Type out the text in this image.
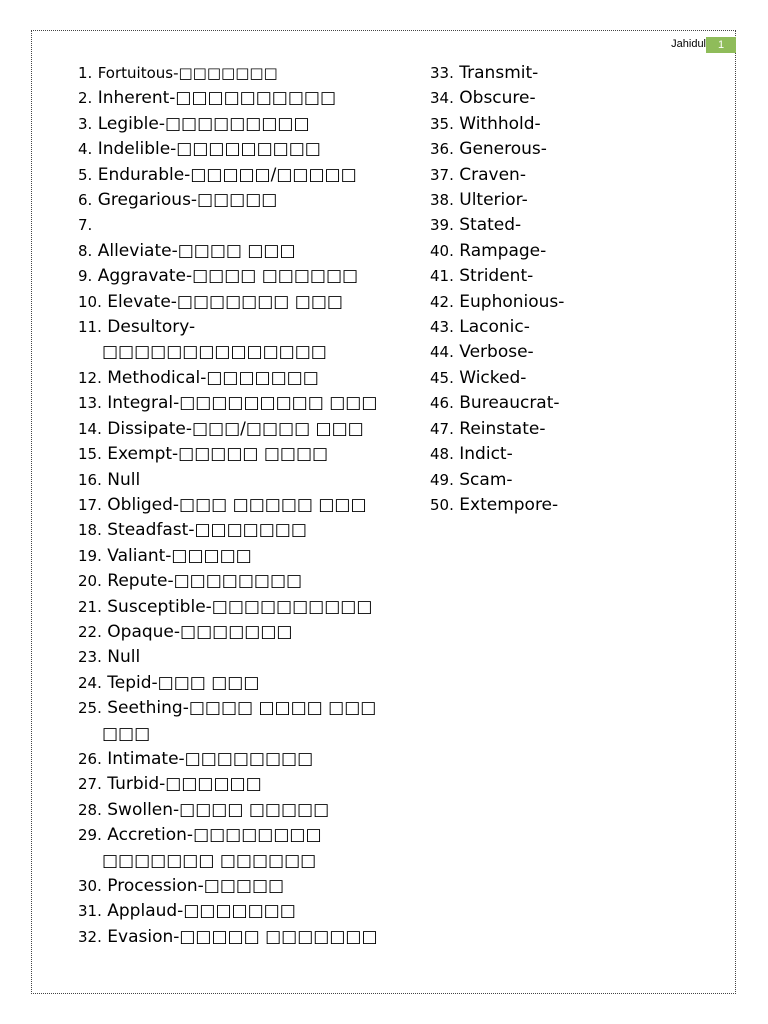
Jahidul	1
1. Fortuitous-□□□□□□□
2. Inherent-□□□□□□□□□□
3. Legible-□□□□□□□□□
4. Indelible-□□□□□□□□□
5. Endurable-□□□□□/□□□□□
6. Gregarious-□□□□□
7.
8. Alleviate-□□□□ □□□
9. Aggravate-□□□□ □□□□□□
10. Elevate-□□□□□□□ □□□
11. Desultory- □□□□□□□□□□□□□□
12. Methodical-□□□□□□□
13. Integral-□□□□□□□□□ □□□
14. Dissipate-□□□/□□□□ □□□
15. Exempt-□□□□□ □□□□
16. Null
17. Obliged-□□□ □□□□□ □□□
18. Steadfast-□□□□□□□
19. Valiant-□□□□□
20. Repute-□□□□□□□□
21. Susceptible-□□□□□□□□□□
22. Opaque-□□□□□□□
23. Null
24. Tepid-□□□ □□□
25. Seething-□□□□ □□□□ □□□ □□□
26. Intimate-□□□□□□□□
27. Turbid-□□□□□□
28. Swollen-□□□□ □□□□□
29. Accretion-□□□□□□□□ □□□□□□□ □□□□□□
30. Procession-□□□□□
31. Applaud-□□□□□□□
32. Evasion-□□□□□ □□□□□□□
33. Transmit-
34. Obscure-
35. Withhold-
36. Generous-
37. Craven-
38. Ulterior-
39. Stated-
40. Rampage-
41. Strident-
42. Euphonious-
43. Laconic-
44. Verbose-
45. Wicked-
46. Bureaucrat-
47. Reinstate-
48. Indict-
49. Scam-
50. Extempore-
